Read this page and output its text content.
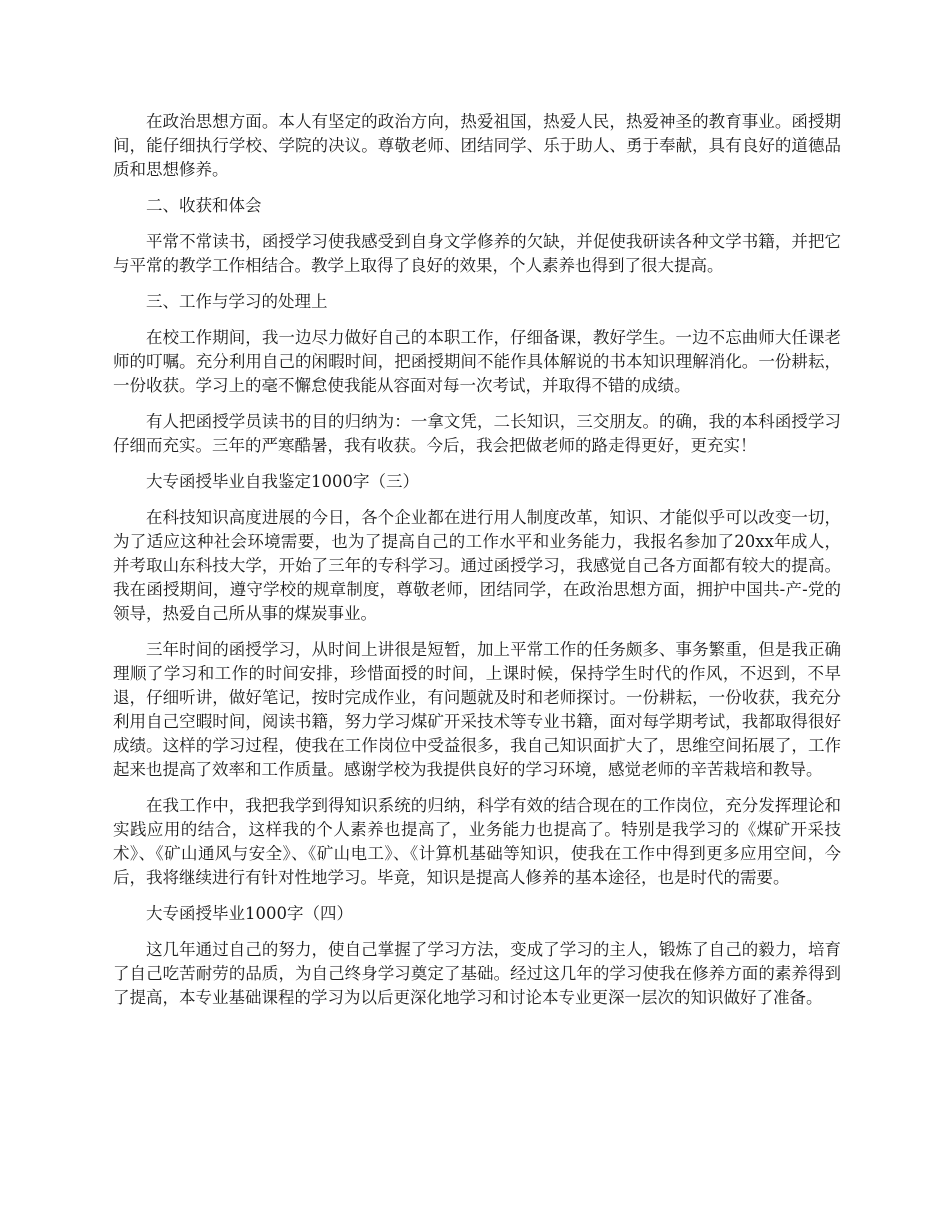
在政治思想方面。本人有坚定的政治方向，热爱祖国，热爱人民，热爱神圣的教育事业。函授期间，能仔细执行学校、学院的决议。尊敬老师、团结同学、乐于助人、勇于奉献，具有良好的道德品质和思想修养。

二、收获和体会

平常不常读书，函授学习使我感受到自身文学修养的欠缺，并促使我研读各种文学书籍，并把它与平常的教学工作相结合。教学上取得了良好的效果，个人素养也得到了很大提高。

三、工作与学习的处理上

在校工作期间，我一边尽力做好自己的本职工作，仔细备课，教好学生。一边不忘曲师大任课老师的叮嘱。充分利用自己的闲暇时间，把函授期间不能作具体解说的书本知识理解消化。一份耕耘，一份收获。学习上的毫不懈怠使我能从容面对每一次考试，并取得不错的成绩。

有人把函授学员读书的目的归纳为：一拿文凭，二长知识，三交朋友。的确，我的本科函授学习仔细而充实。三年的严寒酷暑，我有收获。今后，我会把做老师的路走得更好，更充实！

大专函授毕业自我鉴定1000字（三）

在科技知识高度进展的今日，各个企业都在进行用人制度改革，知识、才能似乎可以改变一切，为了适应这种社会环境需要，也为了提高自己的工作水平和业务能力，我报名参加了20xx年成人，并考取山东科技大学，开始了三年的专科学习。通过函授学习，我感觉自己各方面都有较大的提高。我在函授期间，遵守学校的规章制度，尊敬老师，团结同学，在政治思想方面，拥护中国共-产-党的领导，热爱自己所从事的煤炭事业。

三年时间的函授学习，从时间上讲很是短暂，加上平常工作的任务颇多、事务繁重，但是我正确理顺了学习和工作的时间安排，珍惜面授的时间，上课时候，保持学生时代的作风，不迟到，不早退，仔细听讲，做好笔记，按时完成作业，有问题就及时和老师探讨。一份耕耘，一份收获，我充分利用自己空暇时间，阅读书籍，努力学习煤矿开采技术等专业书籍，面对每学期考试，我都取得很好成绩。这样的学习过程，使我在工作岗位中受益很多，我自己知识面扩大了，思维空间拓展了，工作起来也提高了效率和工作质量。感谢学校为我提供良好的学习环境，感觉老师的辛苦栽培和教导。

在我工作中，我把我学到得知识系统的归纳，科学有效的结合现在的工作岗位，充分发挥理论和实践应用的结合，这样我的个人素养也提高了，业务能力也提高了。特别是我学习的《煤矿开采技术》、《矿山通风与安全》、《矿山电工》、《计算机基础等知识，使我在工作中得到更多应用空间，今后，我将继续进行有针对性地学习。毕竟，知识是提高人修养的基本途径，也是时代的需要。

大专函授毕业1000字（四）

这几年通过自己的努力，使自己掌握了学习方法，变成了学习的主人，锻炼了自己的毅力，培育了自己吃苦耐劳的品质，为自己终身学习奠定了基础。经过这几年的学习使我在修养方面的素养得到了提高，本专业基础课程的学习为以后更深化地学习和讨论本专业更深一层次的知识做好了准备。
